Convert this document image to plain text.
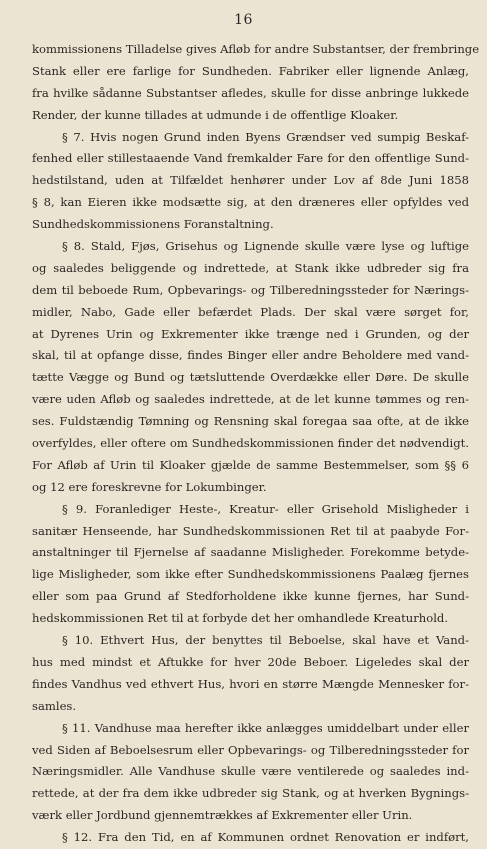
16
kommissionens Tilladelse gives Afløb for andre Substantser, der frembringe
Stank eller ere farlige for Sundheden. Fabriker eller lignende Anlæg,
fra hvilke sådanne Substantser afledes, skulle for disse anbringe lukkede
Render, der kunne tillades at udmunde i de offentlige Kloaker.
§ 7. Hvis nogen Grund inden Byens Grændser ved sumpig Beskaf-
fenhed eller stillestaaende Vand fremkalder Fare for den offentlige Sund-
hedstilstand, uden at Tilfældet henhører under Lov af 8de Juni 1858
§ 8, kan Eieren ikke modsætte sig, at den dræneres eller opfyldes ved
Sundhedskommissionens Foranstaltning.
§ 8. Stald, Fjøs, Grisehus og Lignende skulle være lyse og luftige
og saaledes beliggende og indrettede, at Stank ikke udbreder sig fra
dem til beboede Rum, Opbevarings- og Tilberedningssteder for Nærings-
midler, Nabo, Gade eller befærdet Plads. Der skal være sørget for,
at Dyrenes Urin og Exkrementer ikke trænge ned i Grunden, og der
skal, til at opfange disse, findes Binger eller andre Beholdere med vand-
tætte Vægge og Bund og tætsluttende Overdække eller Døre. De skulle
være uden Afløb og saaledes indrettede, at de let kunne tømmes og ren-
ses. Fuldstændig Tømning og Rensning skal foregaa saa ofte, at de ikke
overfyldes, eller oftere om Sundhedskommissionen finder det nødvendigt.
For Afløb af Urin til Kloaker gjælde de samme Bestemmelser, som §§ 6
og 12 ere foreskrevne for Lokumbinger.
§ 9. Foranlediger Heste-, Kreatur- eller Grisehold Misligheder i
sanitær Henseende, har Sundhedskommissionen Ret til at paabyde For-
anstaltninger til Fjernelse af saadanne Misligheder. Forekomme betyde-
lige Misligheder, som ikke efter Sundhedskommissionens Paalæg fjernes
eller som paa Grund af Stedforholdene ikke kunne fjernes, har Sund-
hedskommissionen Ret til at forbyde det her omhandlede Kreaturhold.
§ 10. Ethvert Hus, der benyttes til Beboelse, skal have et Vand-
hus med mindst et Aftukke for hver 20de Beboer. Ligeledes skal der
findes Vandhus ved ethvert Hus, hvori en større Mængde Mennesker for-
samles.
§ 11. Vandhuse maa herefter ikke anlægges umiddelbart under eller
ved Siden af Beboelsesrum eller Opbevarings- og Tilberedningssteder for
Næringsmidler. Alle Vandhuse skulle være ventilerede og saaledes ind-
rettede, at der fra dem ikke udbreder sig Stank, og at hverken Bygnings-
værk eller Jordbund gjennemtrækkes af Exkrementer eller Urin.
§ 12. Fra den Tid, en af Kommunen ordnet Renovation er indført,
